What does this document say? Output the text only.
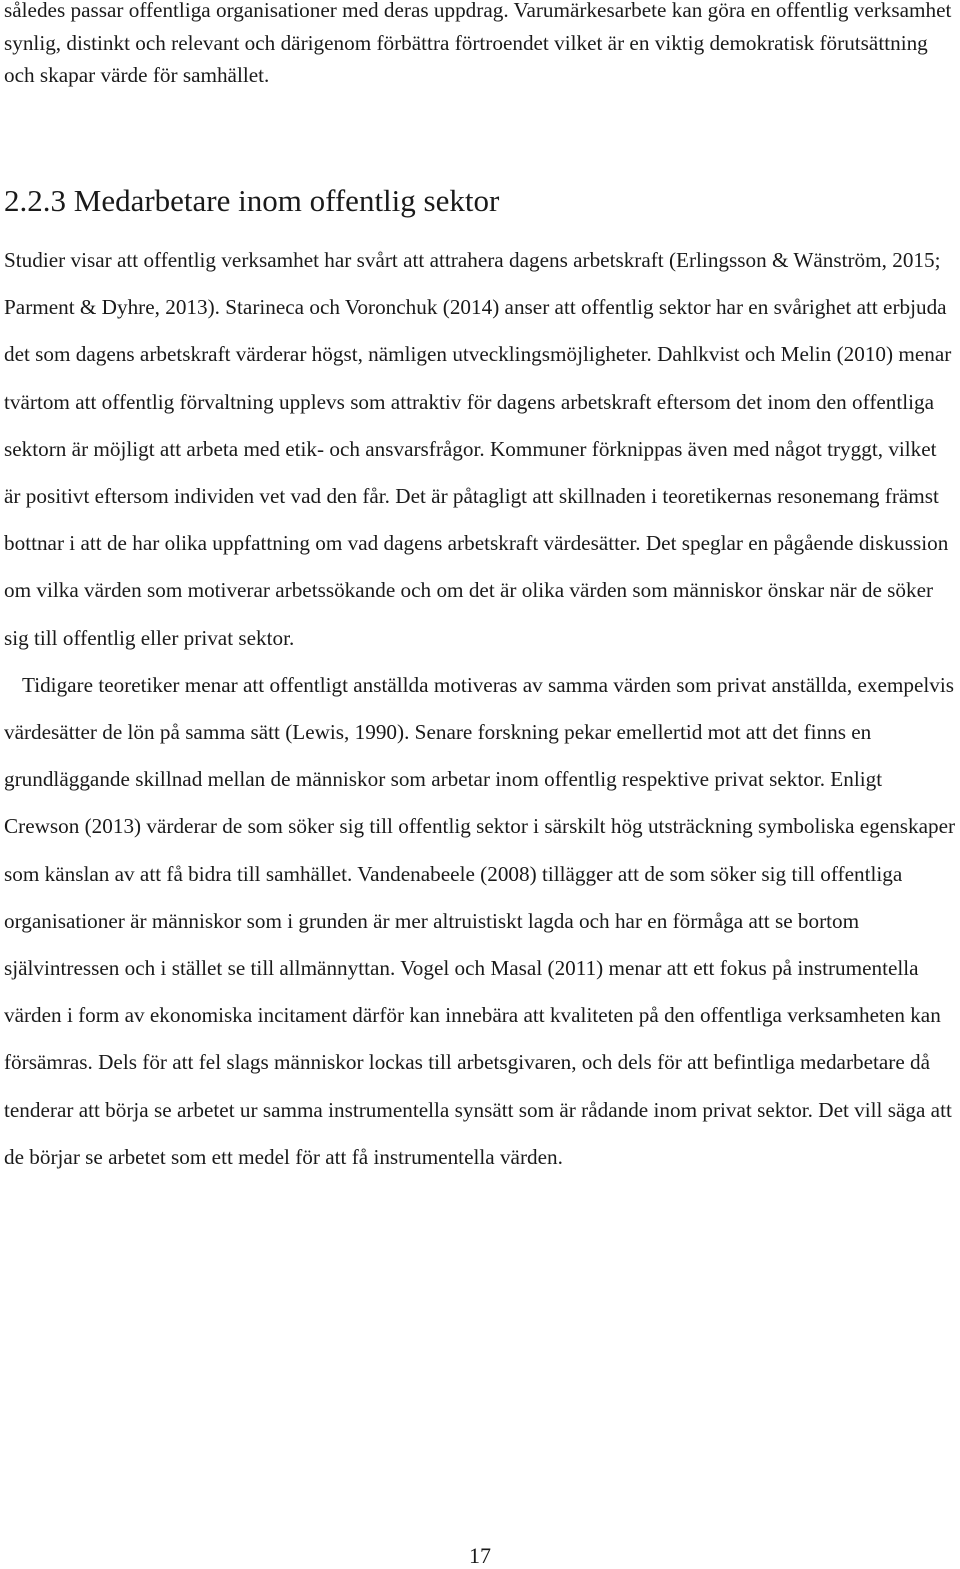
således passar offentliga organisationer med deras uppdrag. Varumärkesarbete kan göra en offentlig verksamhet synlig, distinkt och relevant och därigenom förbättra förtroendet vilket är en viktig demokratisk förutsättning och skapar värde för samhället.

2.2.3 Medarbetare inom offentlig sektor

Studier visar att offentlig verksamhet har svårt att attrahera dagens arbetskraft (Erlingsson & Wänström, 2015; Parment & Dyhre, 2013). Starineca och Voronchuk (2014) anser att offentlig sektor har en svårighet att erbjuda det som dagens arbetskraft värderar högst, nämligen utvecklingsmöjligheter. Dahlkvist och Melin (2010) menar tvärtom att offentlig förvaltning upplevs som attraktiv för dagens arbetskraft eftersom det inom den offentliga sektorn är möjligt att arbeta med etik- och ansvarsfrågor. Kommuner förknippas även med något tryggt, vilket är positivt eftersom individen vet vad den får. Det är påtagligt att skillnaden i teoretikernas resonemang främst bottnar i att de har olika uppfattning om vad dagens arbetskraft värdesätter. Det speglar en pågående diskussion om vilka värden som motiverar arbetssökande och om det är olika värden som människor önskar när de söker sig till offentlig eller privat sektor.

Tidigare teoretiker menar att offentligt anställda motiveras av samma värden som privat anställda, exempelvis värdesätter de lön på samma sätt (Lewis, 1990). Senare forskning pekar emellertid mot att det finns en grundläggande skillnad mellan de människor som arbetar inom offentlig respektive privat sektor. Enligt Crewson (2013) värderar de som söker sig till offentlig sektor i särskilt hög utsträckning symboliska egenskaper som känslan av att få bidra till samhället. Vandenabeele (2008) tillägger att de som söker sig till offentliga organisationer är människor som i grunden är mer altruistiskt lagda och har en förmåga att se bortom självintressen och i stället se till allmännyttan. Vogel och Masal (2011) menar att ett fokus på instrumentella värden i form av ekonomiska incitament därför kan innebära att kvaliteten på den offentliga verksamheten kan försämras. Dels för att fel slags människor lockas till arbetsgivaren, och dels för att befintliga medarbetare då tenderar att börja se arbetet ur samma instrumentella synsätt som är rådande inom privat sektor. Det vill säga att de börjar se arbetet som ett medel för att få instrumentella värden.

17
